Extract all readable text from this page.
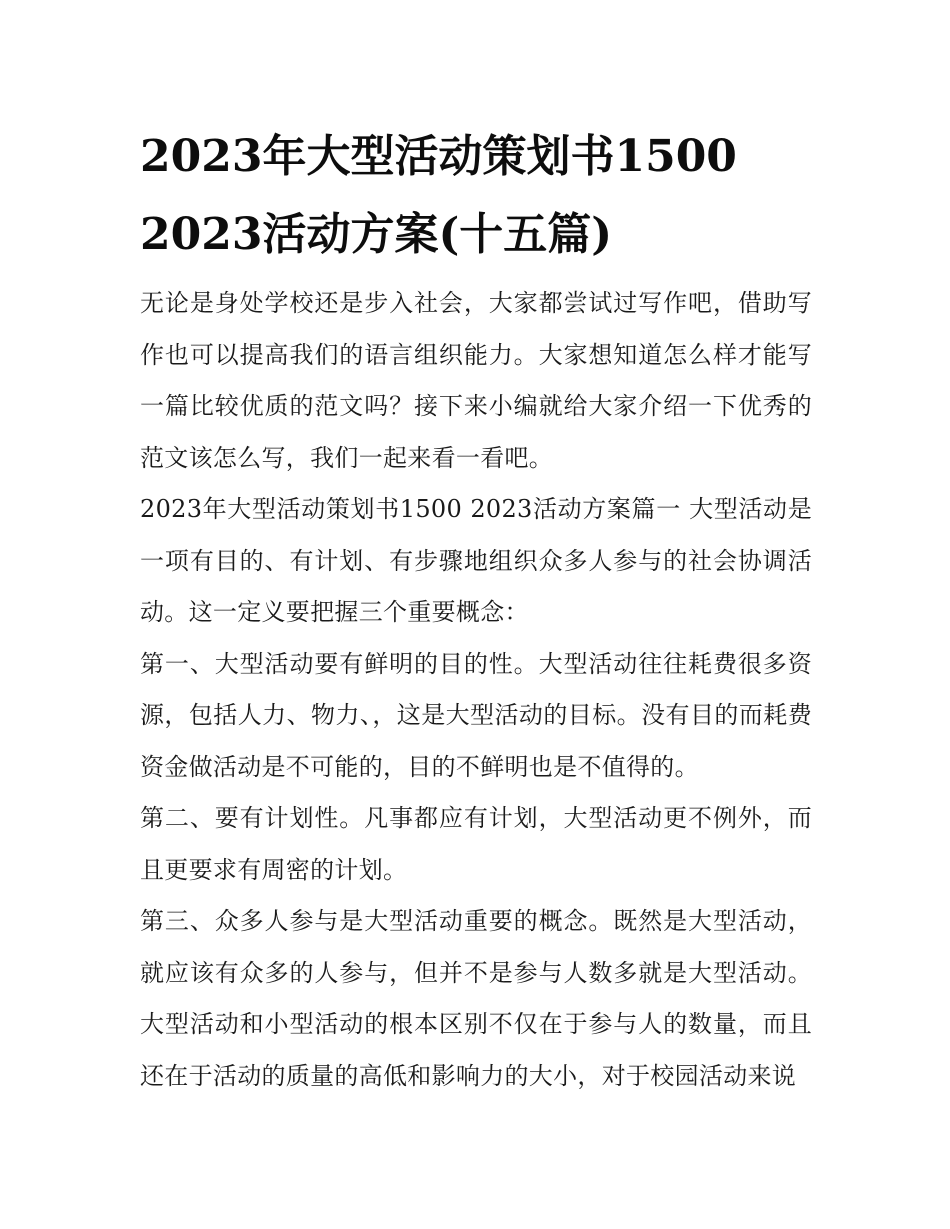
2023年大型活动策划书1500
2023活动方案(十五篇)

无论是身处学校还是步入社会，大家都尝试过写作吧，借助写作也可以提高我们的语言组织能力。大家想知道怎么样才能写一篇比较优质的范文吗？接下来小编就给大家介绍一下优秀的范文该怎么写，我们一起来看一看吧。

2023年大型活动策划书1500 2023活动方案篇一 大型活动是一项有目的、有计划、有步骤地组织众多人参与的社会协调活动。这一定义要把握三个重要概念：

第一、大型活动要有鲜明的目的性。大型活动往往耗费很多资源，包括人力、物力、，这是大型活动的目标。没有目的而耗费资金做活动是不可能的，目的不鲜明也是不值得的。

第二、要有计划性。凡事都应有计划，大型活动更不例外，而且更要求有周密的计划。

第三、众多人参与是大型活动重要的概念。既然是大型活动，就应该有众多的人参与，但并不是参与人数多就是大型活动。大型活动和小型活动的根本区别不仅在于参与人的数量，而且还在于活动的质量的高低和影响力的大小，对于校园活动来说
